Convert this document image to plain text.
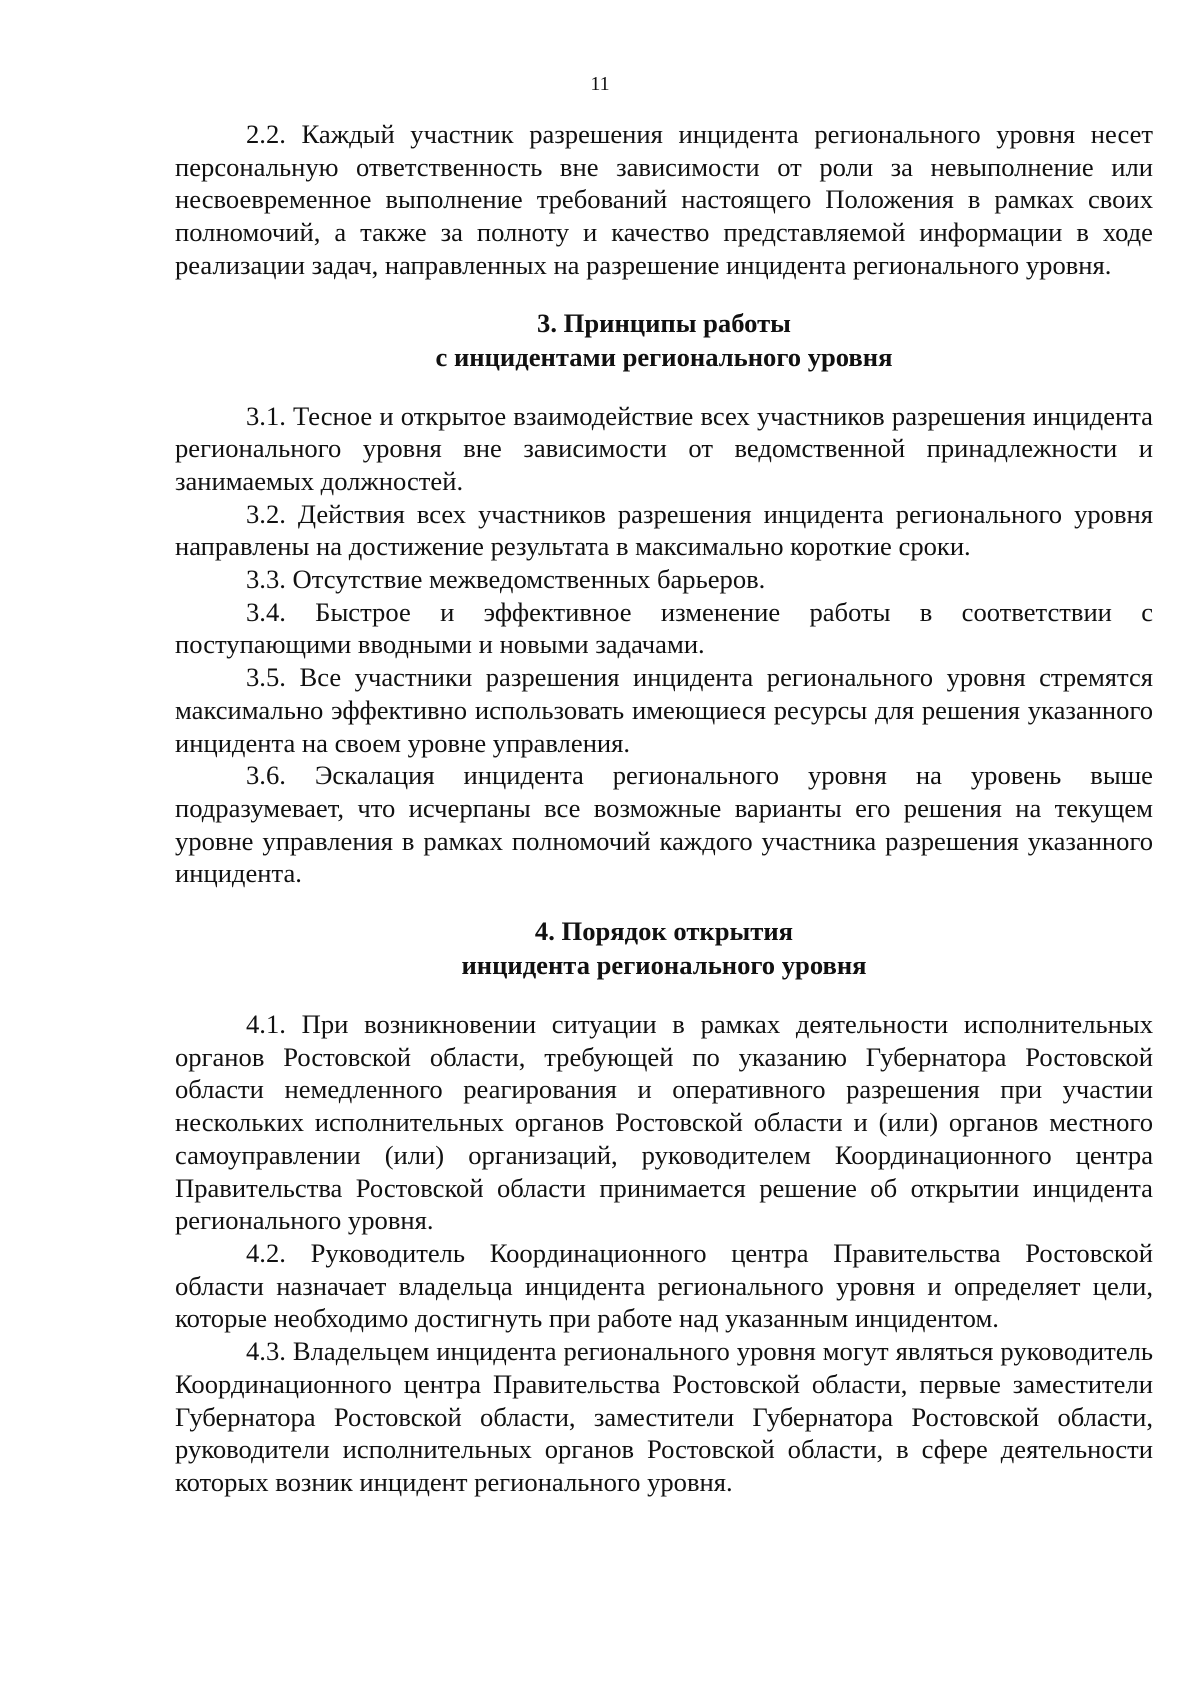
11

2.2. Каждый участник разрешения инцидента регионального уровня несет персональную ответственность вне зависимости от роли за невыполнение или несвоевременное выполнение требований настоящего Положения в рамках своих полномочий, а также за полноту и качество представляемой информации в ходе реализации задач, направленных на разрешение инцидента регионального уровня.

3. Принципы работы
с инцидентами регионального уровня

3.1. Тесное и открытое взаимодействие всех участников разрешения инцидента регионального уровня вне зависимости от ведомственной принадлежности и занимаемых должностей.

3.2. Действия всех участников разрешения инцидента регионального уровня направлены на достижение результата в максимально короткие сроки.

3.3. Отсутствие межведомственных барьеров.

3.4. Быстрое и эффективное изменение работы в соответствии с поступающими вводными и новыми задачами.

3.5. Все участники разрешения инцидента регионального уровня стремятся максимально эффективно использовать имеющиеся ресурсы для решения указанного инцидента на своем уровне управления.

3.6. Эскалация инцидента регионального уровня на уровень выше подразумевает, что исчерпаны все возможные варианты его решения на текущем уровне управления в рамках полномочий каждого участника разрешения указанного инцидента.

4. Порядок открытия
инцидента регионального уровня

4.1. При возникновении ситуации в рамках деятельности исполнительных органов Ростовской области, требующей по указанию Губернатора Ростовской области немедленного реагирования и оперативного разрешения при участии нескольких исполнительных органов Ростовской области и (или) органов местного самоуправлении (или) организаций, руководителем Координационного центра Правительства Ростовской области принимается решение об открытии инцидента регионального уровня.

4.2. Руководитель Координационного центра Правительства Ростовской области назначает владельца инцидента регионального уровня и определяет цели, которые необходимо достигнуть при работе над указанным инцидентом.

4.3. Владельцем инцидента регионального уровня могут являться руководитель Координационного центра Правительства Ростовской области, первые заместители Губернатора Ростовской области, заместители Губернатора Ростовской области, руководители исполнительных органов Ростовской области, в сфере деятельности которых возник инцидент регионального уровня.
